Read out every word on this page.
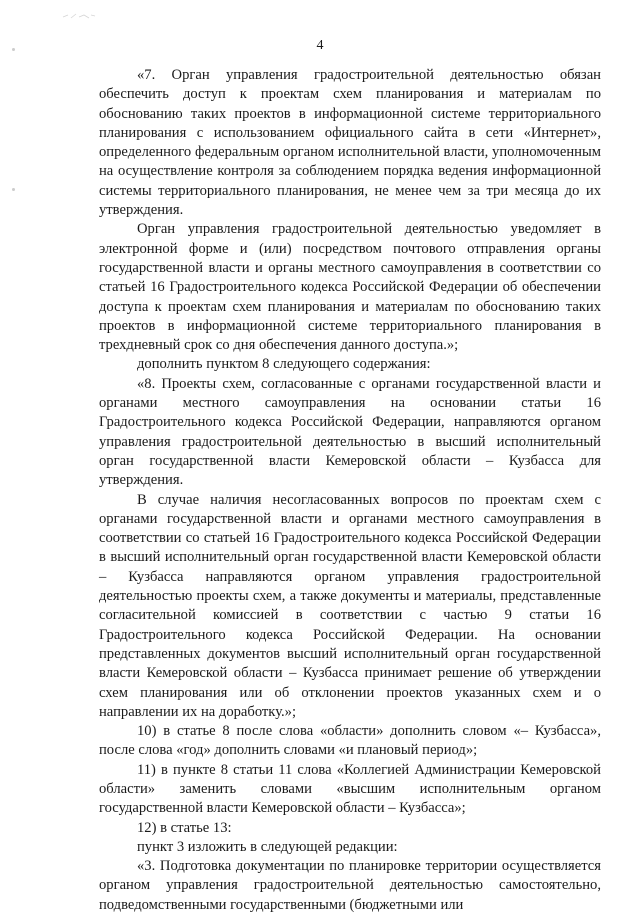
4

«7. Орган управления градостроительной деятельностью обязан обеспечить доступ к проектам схем планирования и материалам по обоснованию таких проектов в информационной системе территориального планирования с использованием официального сайта в сети «Интернет», определенного федеральным органом исполнительной власти, уполномоченным на осуществление контроля за соблюдением порядка ведения информационной системы территориального планирования, не менее чем за три месяца до их утверждения.

Орган управления градостроительной деятельностью уведомляет в электронной форме и (или) посредством почтового отправления органы государственной власти и органы местного самоуправления в соответствии со статьей 16 Градостроительного кодекса Российской Федерации об обеспечении доступа к проектам схем планирования и материалам по обоснованию таких проектов в информационной системе территориального планирования в трехдневный срок со дня обеспечения данного доступа.»;

дополнить пунктом 8 следующего содержания:

«8. Проекты схем, согласованные с органами государственной власти и органами местного самоуправления на основании статьи 16 Градостроительного кодекса Российской Федерации, направляются органом управления градостроительной деятельностью в высший исполнительный орган государственной власти Кемеровской области – Кузбасса для утверждения.

В случае наличия несогласованных вопросов по проектам схем с органами государственной власти и органами местного самоуправления в соответствии со статьей 16 Градостроительного кодекса Российской Федерации в высший исполнительный орган государственной власти Кемеровской области – Кузбасса направляются органом управления градостроительной деятельностью проекты схем, а также документы и материалы, представленные согласительной комиссией в соответствии с частью 9 статьи 16 Градостроительного кодекса Российской Федерации. На основании представленных документов высший исполнительный орган государственной власти Кемеровской области – Кузбасса принимает решение об утверждении схем планирования или об отклонении проектов указанных схем и о направлении их на доработку.»;

10) в статье 8 после слова «области» дополнить словом «– Кузбасса», после слова «год» дополнить словами «и плановый период»;

11) в пункте 8 статьи 11 слова «Коллегией Администрации Кемеровской области» заменить словами «высшим исполнительным органом государственной власти Кемеровской области – Кузбасса»;

12) в статье 13:

пункт 3 изложить в следующей редакции:

«3. Подготовка документации по планировке территории осуществляется органом управления градостроительной деятельностью самостоятельно, подведомственными государственными (бюджетными или
